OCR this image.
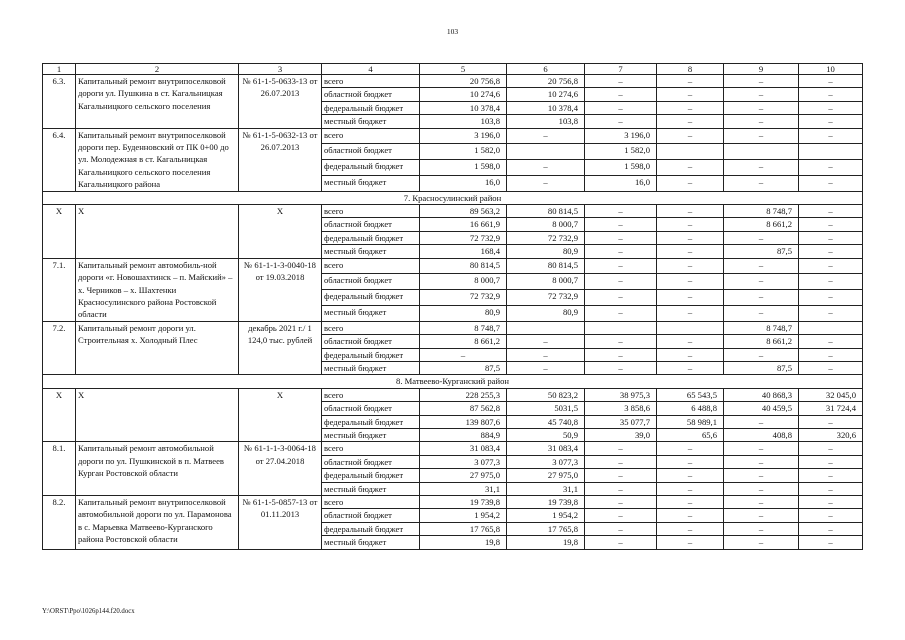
103
1	2	3	4	5	6	7	8	9	10
6.3.	Капитальный ремонт внутрипоселковой дороги ул. Пушкина в ст. Кагальницкая Кагальницкого сельского поселения	№ 61-1-5-0633-13 от 26.07.2013	всего	20 756,8	20 756,8	–	–	–	–
			областной бюджет	10 274,6	10 274,6	–	–	–	–
			федеральный бюджет	10 378,4	10 378,4	–	–	–	–
			местный бюджет	103,8	103,8	–	–	–	–
6.4.	Капитальный ремонт внутрипоселковой дороги пер. Буденновский от ПК 0+00 до ул. Молодежная в ст. Кагальницкая Кагальницкого сельского поселения Кагальницкого района	№ 61-1-5-0632-13 от 26.07.2013	всего	3 196,0	–	3 196,0	–	–	–
			областной бюджет	1 582,0		1 582,0			
			федеральный бюджет	1 598,0	–	1 598,0	–	–	–
			местный бюджет	16,0	–	16,0	–	–	–
7. Красносулинский район									
Х	Х	Х	всего	89 563,2	80 814,5	–	–	8 748,7	–
			областной бюджет	16 661,9	8 000,7	–	–	8 661,2	–
			федеральный бюджет	72 732,9	72 732,9	–	–	–	–
			местный бюджет	168,4	80,9	–	–	87,5	–
7.1.	Капитальный ремонт автомобиль-ной дороги «г. Новошахтинск – п. Майский» – х. Черников – х. Шахтенки Красносулинского района Ростовской области	№ 61-1-1-3-0040-18 от 19.03.2018	всего	80 814,5	80 814,5	–	–	–	–
			областной бюджет	8 000,7	8 000,7	–	–	–	–
			федеральный бюджет	72 732,9	72 732,9	–	–	–	–
			местный бюджет	80,9	80,9	–	–	–	–
7.2.	Капитальный ремонт дороги ул. Строительная х. Холодный Плес	декабрь 2021 г./ 1 124,0 тыс. рублей	всего	8 748,7				8 748,7	
			областной бюджет	8 661,2	–	–	–	8 661,2	–
			федеральный бюджет	–	–	–	–	–	–
			местный бюджет	87,5	–	–	–	87,5	–
8. Матвеево-Курганский район									
Х	Х	Х	всего	228 255,3	50 823,2	38 975,3	65 543,5	40 868,3	32 045,0
			областной бюджет	87 562,8	5031,5	3 858,6	6 488,8	40 459,5	31 724,4
			федеральный бюджет	139 807,6	45 740,8	35 077,7	58 989,1	–	–
			местный бюджет	884,9	50,9	39,0	65,6	408,8	320,6
8.1.	Капитальный ремонт автомобильной дороги по ул. Пушкинской в п. Матвеев Курган Ростовской области	№ 61-1-1-3-0064-18 от 27.04.2018	всего	31 083,4	31 083,4	–	–	–	–
			областной бюджет	3 077,3	3 077,3	–	–	–	–
			федеральный бюджет	27 975,0	27 975,0	–	–	–	–
			местный бюджет	31,1	31,1	–	–	–	–
8.2.	Капитальный ремонт внутрипоселковой автомобильной дороги по ул. Парамонова в с. Марьевка Матвеево-Курганского района Ростовской области	№ 61-1-5-0857-13 от 01.11.2013	всего	19 739,8	19 739,8	–	–	–	–
			областной бюджет	1 954,2	1 954,2	–	–	–	–
			федеральный бюджет	17 765,8	17 765,8	–	–	–	–
			местный бюджет	19,8	19,8	–	–	–	–
Y:\ORST\Ppo\1026p144.f20.docx
